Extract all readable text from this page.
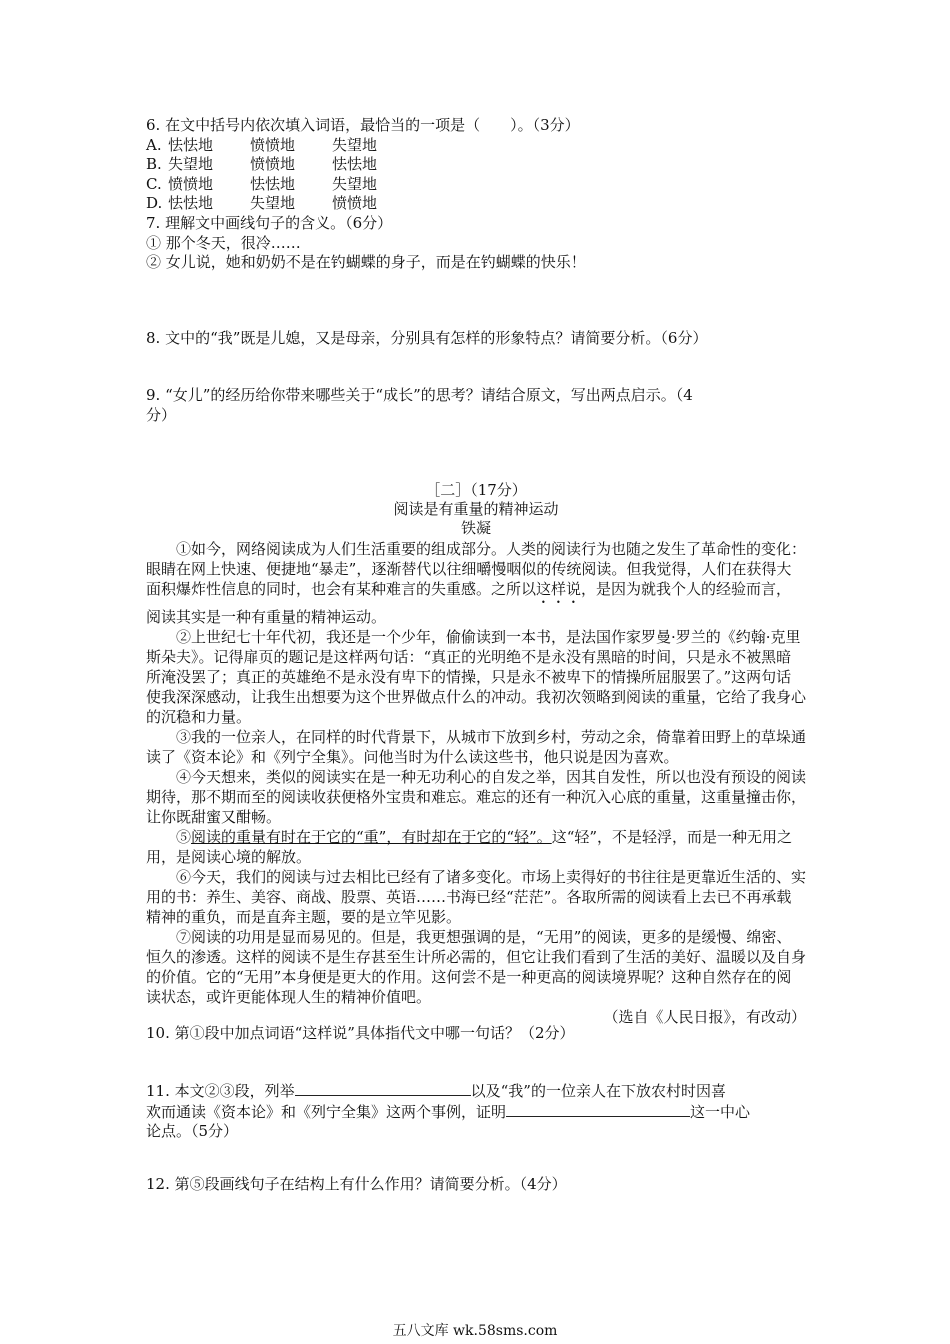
6. 在文中括号内依次填入词语，最恰当的一项是（　　）。（3分）

A. 怯怯地 愤愤地 失望地

B. 失望地 愤愤地 怯怯地

C. 愤愤地 怯怯地 失望地

D. 怯怯地 失望地 愤愤地

7. 理解文中画线句子的含义。（6分）

① 那个冬天，很冷……

② 女儿说，她和奶奶不是在钓蝴蝶的身子，而是在钓蝴蝶的快乐！

8. 文中的“我”既是儿媳，又是母亲，分别具有怎样的形象特点？请简要分析。（6分）

9. “女儿”的经历给你带来哪些关于“成长”的思考？请结合原文，写出两点启示。（4

分）

［二］（17分）
阅读是有重量的精神运动
铁凝

①如今，网络阅读成为人们生活重要的组成部分。人类的阅读行为也随之发生了革命性的变化：眼睛在网上快速、便捷地“暴走”，逐渐替代以往细嚼慢咽似的传统阅读。但我觉得，人们在获得大面积爆炸性信息的同时，也会有某种难言的失重感。之所以这样说，是因为就我个人的经验而言，阅读其实是一种有重量的精神运动。

②上世纪七十年代初，我还是一个少年，偷偷读到一本书，是法国作家罗曼·罗兰的《约翰·克里斯朵夫》。记得扉页的题记是这样两句话：“真正的光明绝不是永没有黑暗的时间，只是永不被黑暗所淹没罢了；真正的英雄绝不是永没有卑下的情操，只是永不被卑下的情操所屈服罢了。”这两句话使我深深感动，让我生出想要为这个世界做点什么的冲动。我初次领略到阅读的重量，它给了我身心的沉稳和力量。

③我的一位亲人，在同样的时代背景下，从城市下放到乡村，劳动之余，倚靠着田野上的草垛通读了《资本论》和《列宁全集》。问他当时为什么读这些书，他只说是因为喜欢。

④今天想来，类似的阅读实在是一种无功利心的自发之举，因其自发性，所以也没有预设的阅读期待，那不期而至的阅读收获便格外宝贵和难忘。难忘的还有一种沉入心底的重量，这重量撞击你，让你既甜蜜又酣畅。

⑤阅读的重量有时在于它的“重”，有时却在于它的“轻”。这“轻”，不是轻浮，而是一种无用之用，是阅读心境的解放。

⑥今天，我们的阅读与过去相比已经有了诸多变化。市场上卖得好的书往往是更靠近生活的、实用的书：养生、美容、商战、股票、英语……书海已经“茫茫”。各取所需的阅读看上去已不再承载精神的重负，而是直奔主题，要的是立竿见影。

⑦阅读的功用是显而易见的。但是，我更想强调的是，“无用”的阅读，更多的是缓慢、绵密、恒久的渗透。这样的阅读不是生存甚至生计所必需的，但它让我们看到了生活的美好、温暖以及自身的价值。它的“无用”本身便是更大的作用。这何尝不是一种更高的阅读境界呢？这种自然存在的阅读状态，或许更能体现人生的精神价值吧。

（选自《人民日报》，有改动）

10. 第①段中加点词语“这样说”具体指代文中哪一句话？（2分）

11. 本文②③段，列举	以及“我”的一位亲人在下放农村时因喜

欢而通读《资本论》和《列宁全集》这两个事例，证明	这一中心

论点。（5分）

12. 第⑤段画线句子在结构上有什么作用？请简要分析。（4分）

五八文库 wk.58sms.com
